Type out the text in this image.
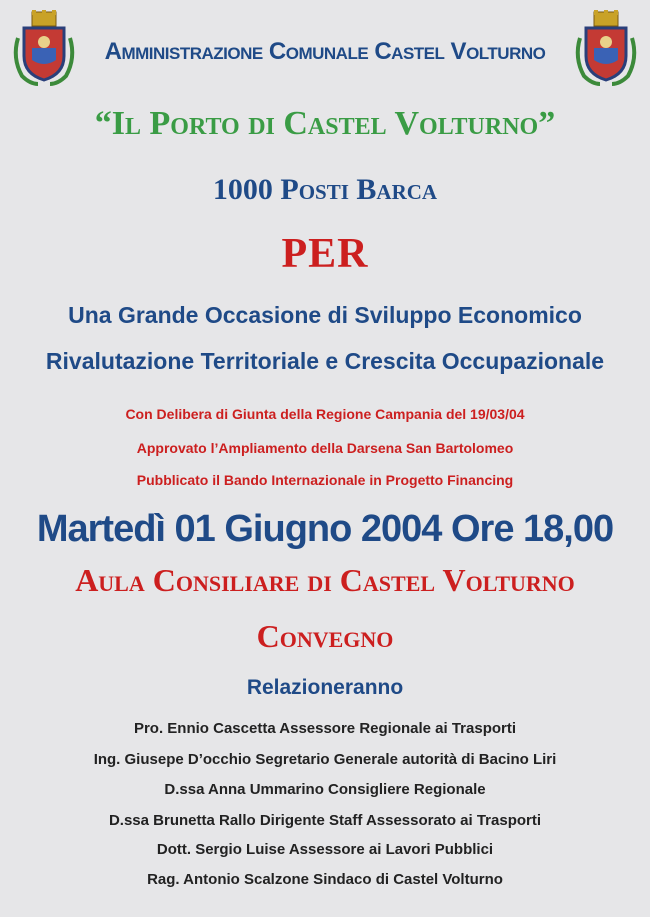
Amministrazione Comunale Castel Volturno
“Il Porto di Castel Volturno”
1000 Posti Barca
PER
Una Grande Occasione di Sviluppo Economico
Rivalutazione Territoriale e Crescita Occupazionale
Con Delibera di Giunta della Regione Campania del 19/03/04
Approvato l’Ampliamento della Darsena San Bartolomeo
Pubblicato il Bando Internazionale in Progetto Financing
Martedì 01 Giugno 2004 Ore 18,00
Aula Consiliare di Castel Volturno
Convegno
Relazioneranno
Pro. Ennio Cascetta Assessore Regionale ai Trasporti
Ing. Giusepe D’occhio Segretario Generale autorità di Bacino Liri
D.ssa Anna Ummarino Consigliere Regionale
D.ssa Brunetta Rallo Dirigente Staff Assessorato ai Trasporti
Dott. Sergio Luise Assessore ai Lavori Pubblici
Rag. Antonio Scalzone Sindaco di Castel Volturno
